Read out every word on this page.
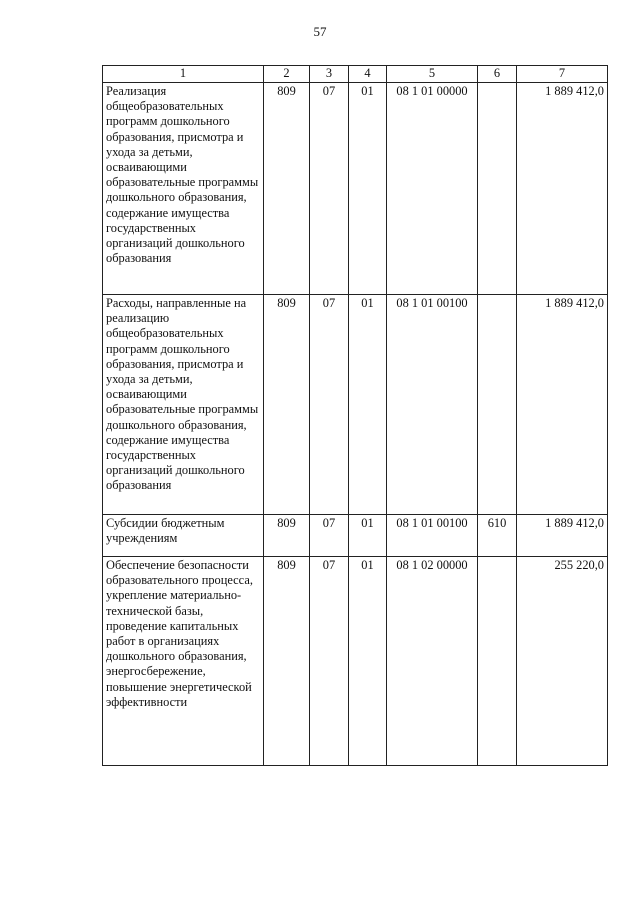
57
1	2	3	4	5	6	7
Реализация общеобразовательных программ дошкольного образования, присмотра и ухода за детьми, осваивающими образовательные программы дошкольного образования, содержание имущества государственных организаций дошкольного образования	809	07	01	08 1 01 00000		1 889 412,0
Расходы, направленные на реализацию общеобразовательных программ дошкольного образования, присмотра и ухода за детьми, осваивающими образовательные программы дошкольного образования, содержание имущества государственных организаций дошкольного образования	809	07	01	08 1 01 00100		1 889 412,0
Субсидии бюджетным учреждениям	809	07	01	08 1 01 00100	610	1 889 412,0
Обеспечение безопасности образовательного процесса, укрепление материально-технической базы, проведение капитальных работ в организациях дошкольного образования, энергосбережение, повышение энергетической эффективности	809	07	01	08 1 02 00000		255 220,0
